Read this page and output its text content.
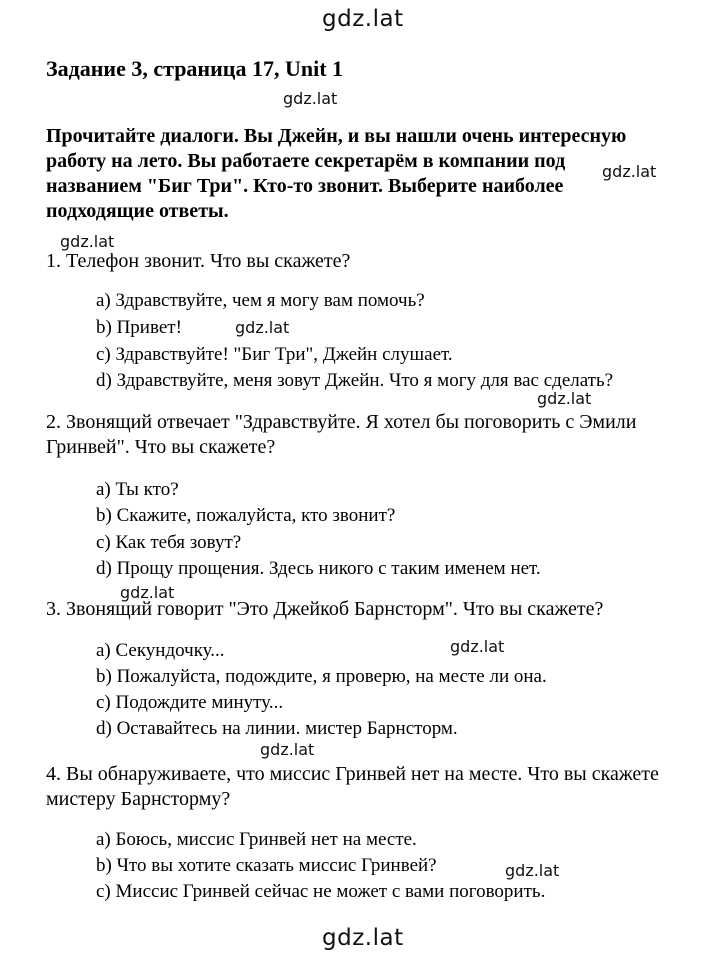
gdz.lat
gdz.lat
gdz.lat
gdz.lat
gdz.lat
gdz.lat
gdz.lat
gdz.lat
gdz.lat
gdz.lat
gdz.lat
Задание 3, страница 17, Unit 1
Прочитайте диалоги. Вы Джейн, и вы нашли очень интересную
работу на лето. Вы работаете секретарём в компании под
названием "Биг Три". Кто-то звонит. Выберите наиболее
подходящие ответы.
1. Телефон звонит. Что вы скажете?
a) Здравствуйте, чем я могу вам помочь?
b) Привет!
c) Здравствуйте! "Биг Три", Джейн слушает.
d) Здравствуйте, меня зовут Джейн. Что я могу для вас сделать?
2. Звонящий отвечает "Здравствуйте. Я хотел бы поговорить с Эмили
Гринвей". Что вы скажете?
a) Ты кто?
b) Скажите, пожалуйста, кто звонит?
c) Как тебя зовут?
d) Прощу прощения. Здесь никого с таким именем нет.
3. Звонящий говорит "Это Джейкоб Барнсторм". Что вы скажете?
a) Секундочку...
b) Пожалуйста, подождите, я проверю, на месте ли она.
c) Подождите минуту...
d) Оставайтесь на линии. мистер Барнсторм.
4. Вы обнаруживаете, что миссис Гринвей нет на месте. Что вы скажете
мистеру Барнсторму?
a) Боюсь, миссис Гринвей нет на месте.
b) Что вы хотите сказать миссис Гринвей?
c) Миссис Гринвей сейчас не может с вами поговорить.
